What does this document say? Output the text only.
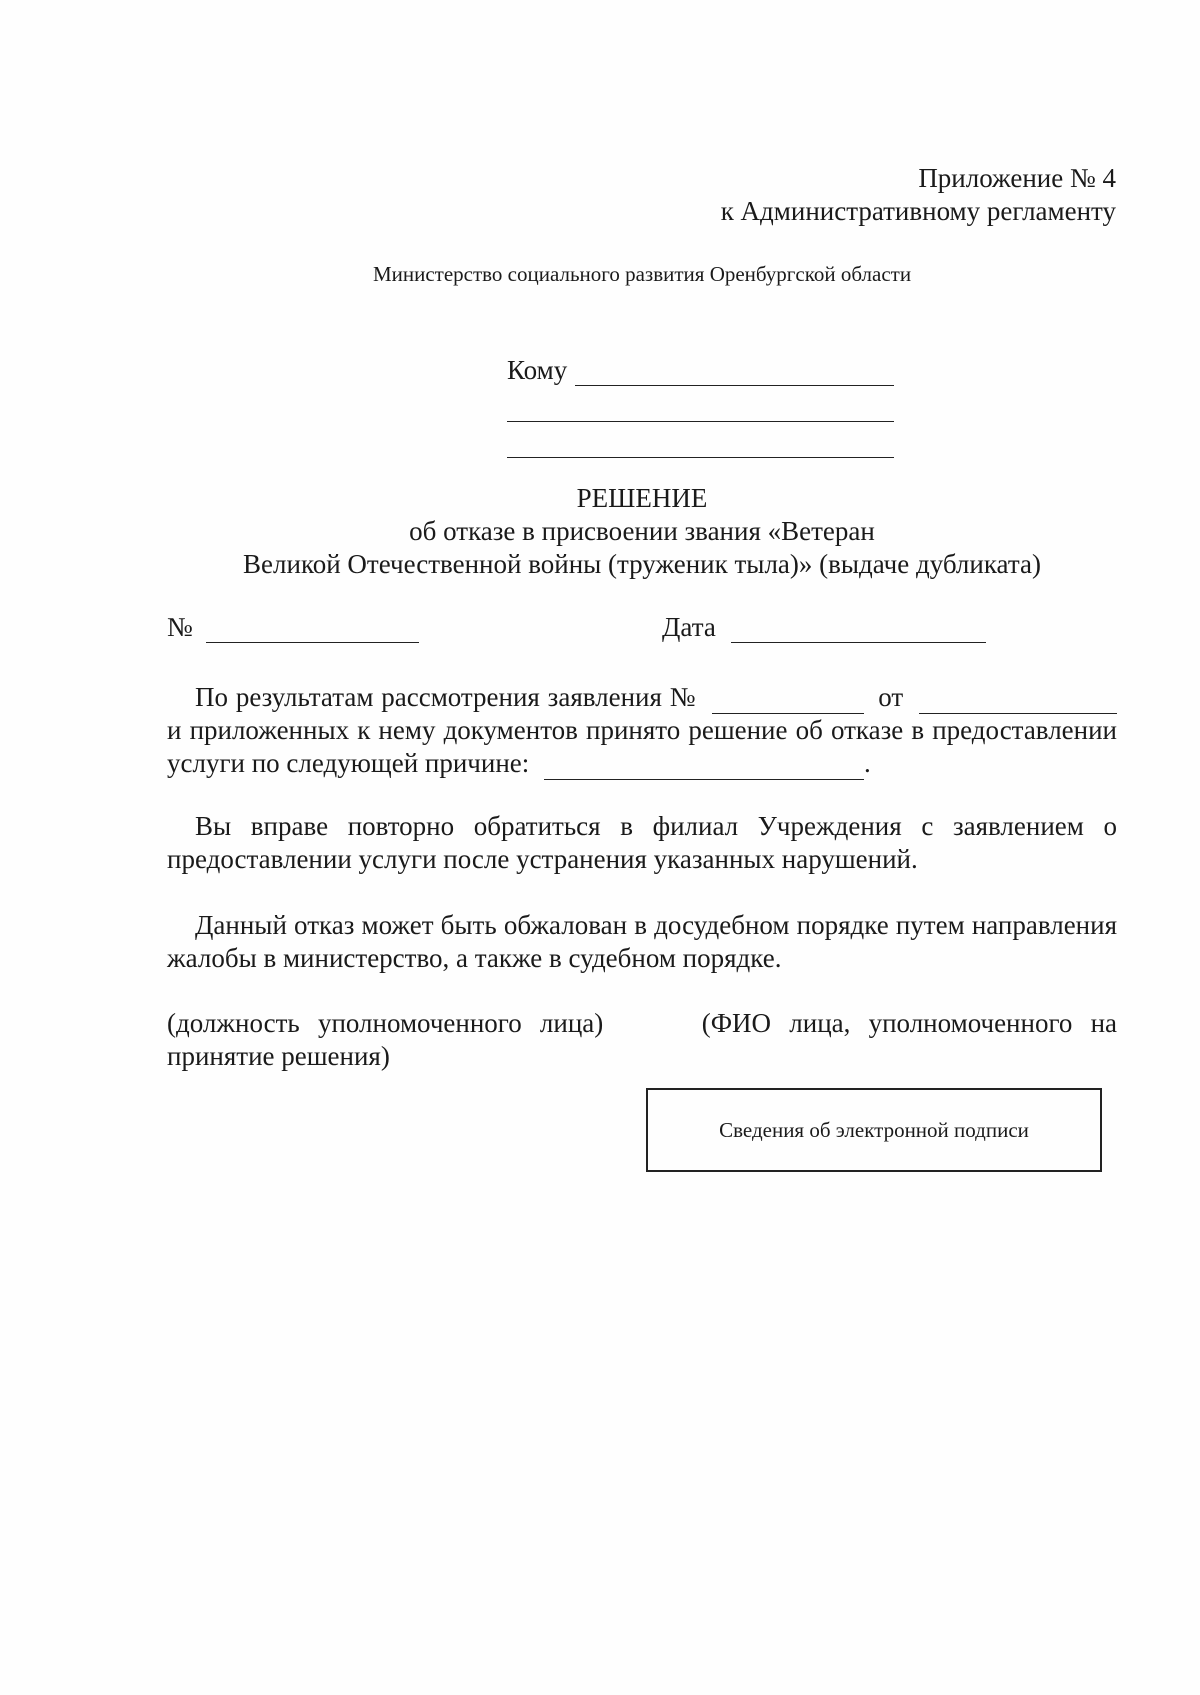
Приложение № 4
к Административному регламенту
Министерство социального развития Оренбургской области
Кому
РЕШЕНИЕ
об отказе в присвоении звания «Ветеран
Великой Отечественной войны (труженик тыла)» (выдаче дубликата)
№	Дата
По результатам рассмотрения заявления №	от  и приложенных к нему документов принято решение об отказе в предоставлении услуги по следующей причине:	.
Вы вправе повторно обратиться в филиал Учреждения с заявлением о предоставлении услуги после устранения указанных нарушений.
Данный отказ может быть обжалован в досудебном порядке путем направления жалобы в министерство, а также в судебном порядке.
(должность уполномоченного лица)	(ФИО лица, уполномоченного на принятие решения)
Сведения об электронной подписи
